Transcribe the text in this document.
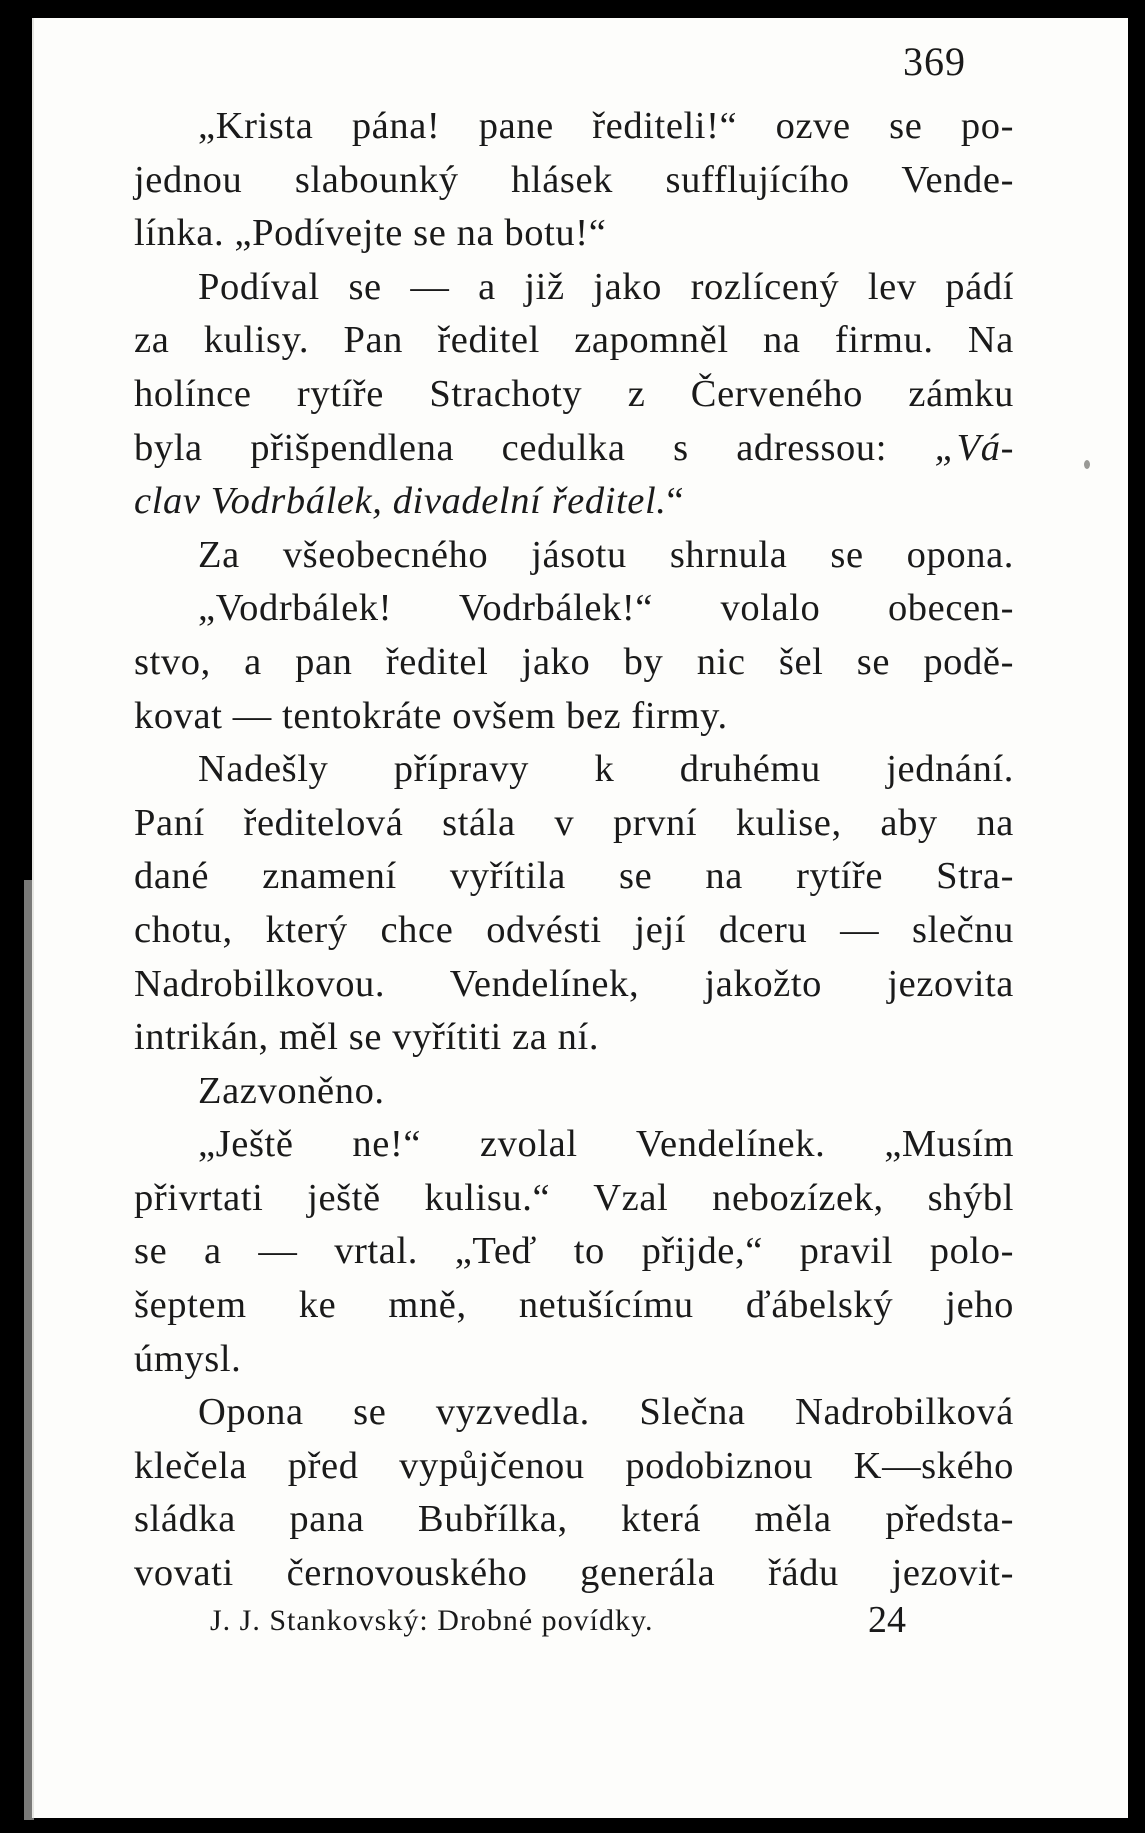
369
„Krista pána! pane řediteli!“ ozve se po-
jednou slabounký hlásek sufflujícího Vende-
línka. „Podívejte se na botu!“
Podíval se — a již jako rozlícený lev pádí
za kulisy. Pan ředitel zapomněl na firmu. Na
holínce rytíře Strachoty z Červeného zámku
byla přišpendlena cedulka s adressou: „Vá-
clav Vodrbálek, divadelní ředitel.“
Za všeobecného jásotu shrnula se opona.
„Vodrbálek! Vodrbálek!“ volalo obecen-
stvo, a pan ředitel jako by nic šel se podě-
kovat — tentokráte ovšem bez firmy.
Nadešly přípravy k druhému jednání.
Paní ředitelová stála v první kulise, aby na
dané znamení vyřítila se na rytíře Stra-
chotu, který chce odvésti její dceru — slečnu
Nadrobilkovou. Vendelínek, jakožto jezovita
intrikán, měl se vyřítiti za ní.
Zazvoněno.
„Ještě ne!“ zvolal Vendelínek. „Musím
přivrtati ještě kulisu.“ Vzal nebozízek, shýbl
se a — vrtal. „Teď to přijde,“ pravil polo-
šeptem ke mně, netušícímu ďábelský jeho
úmysl.
Opona se vyzvedla. Slečna Nadrobilková
klečela před vypůjčenou podobiznou K—ského
sládka pana Bubřílka, která měla předsta-
vovati černovouského generála řádu jezovit-
J. J. Stankovský: Drobné povídky.	24
